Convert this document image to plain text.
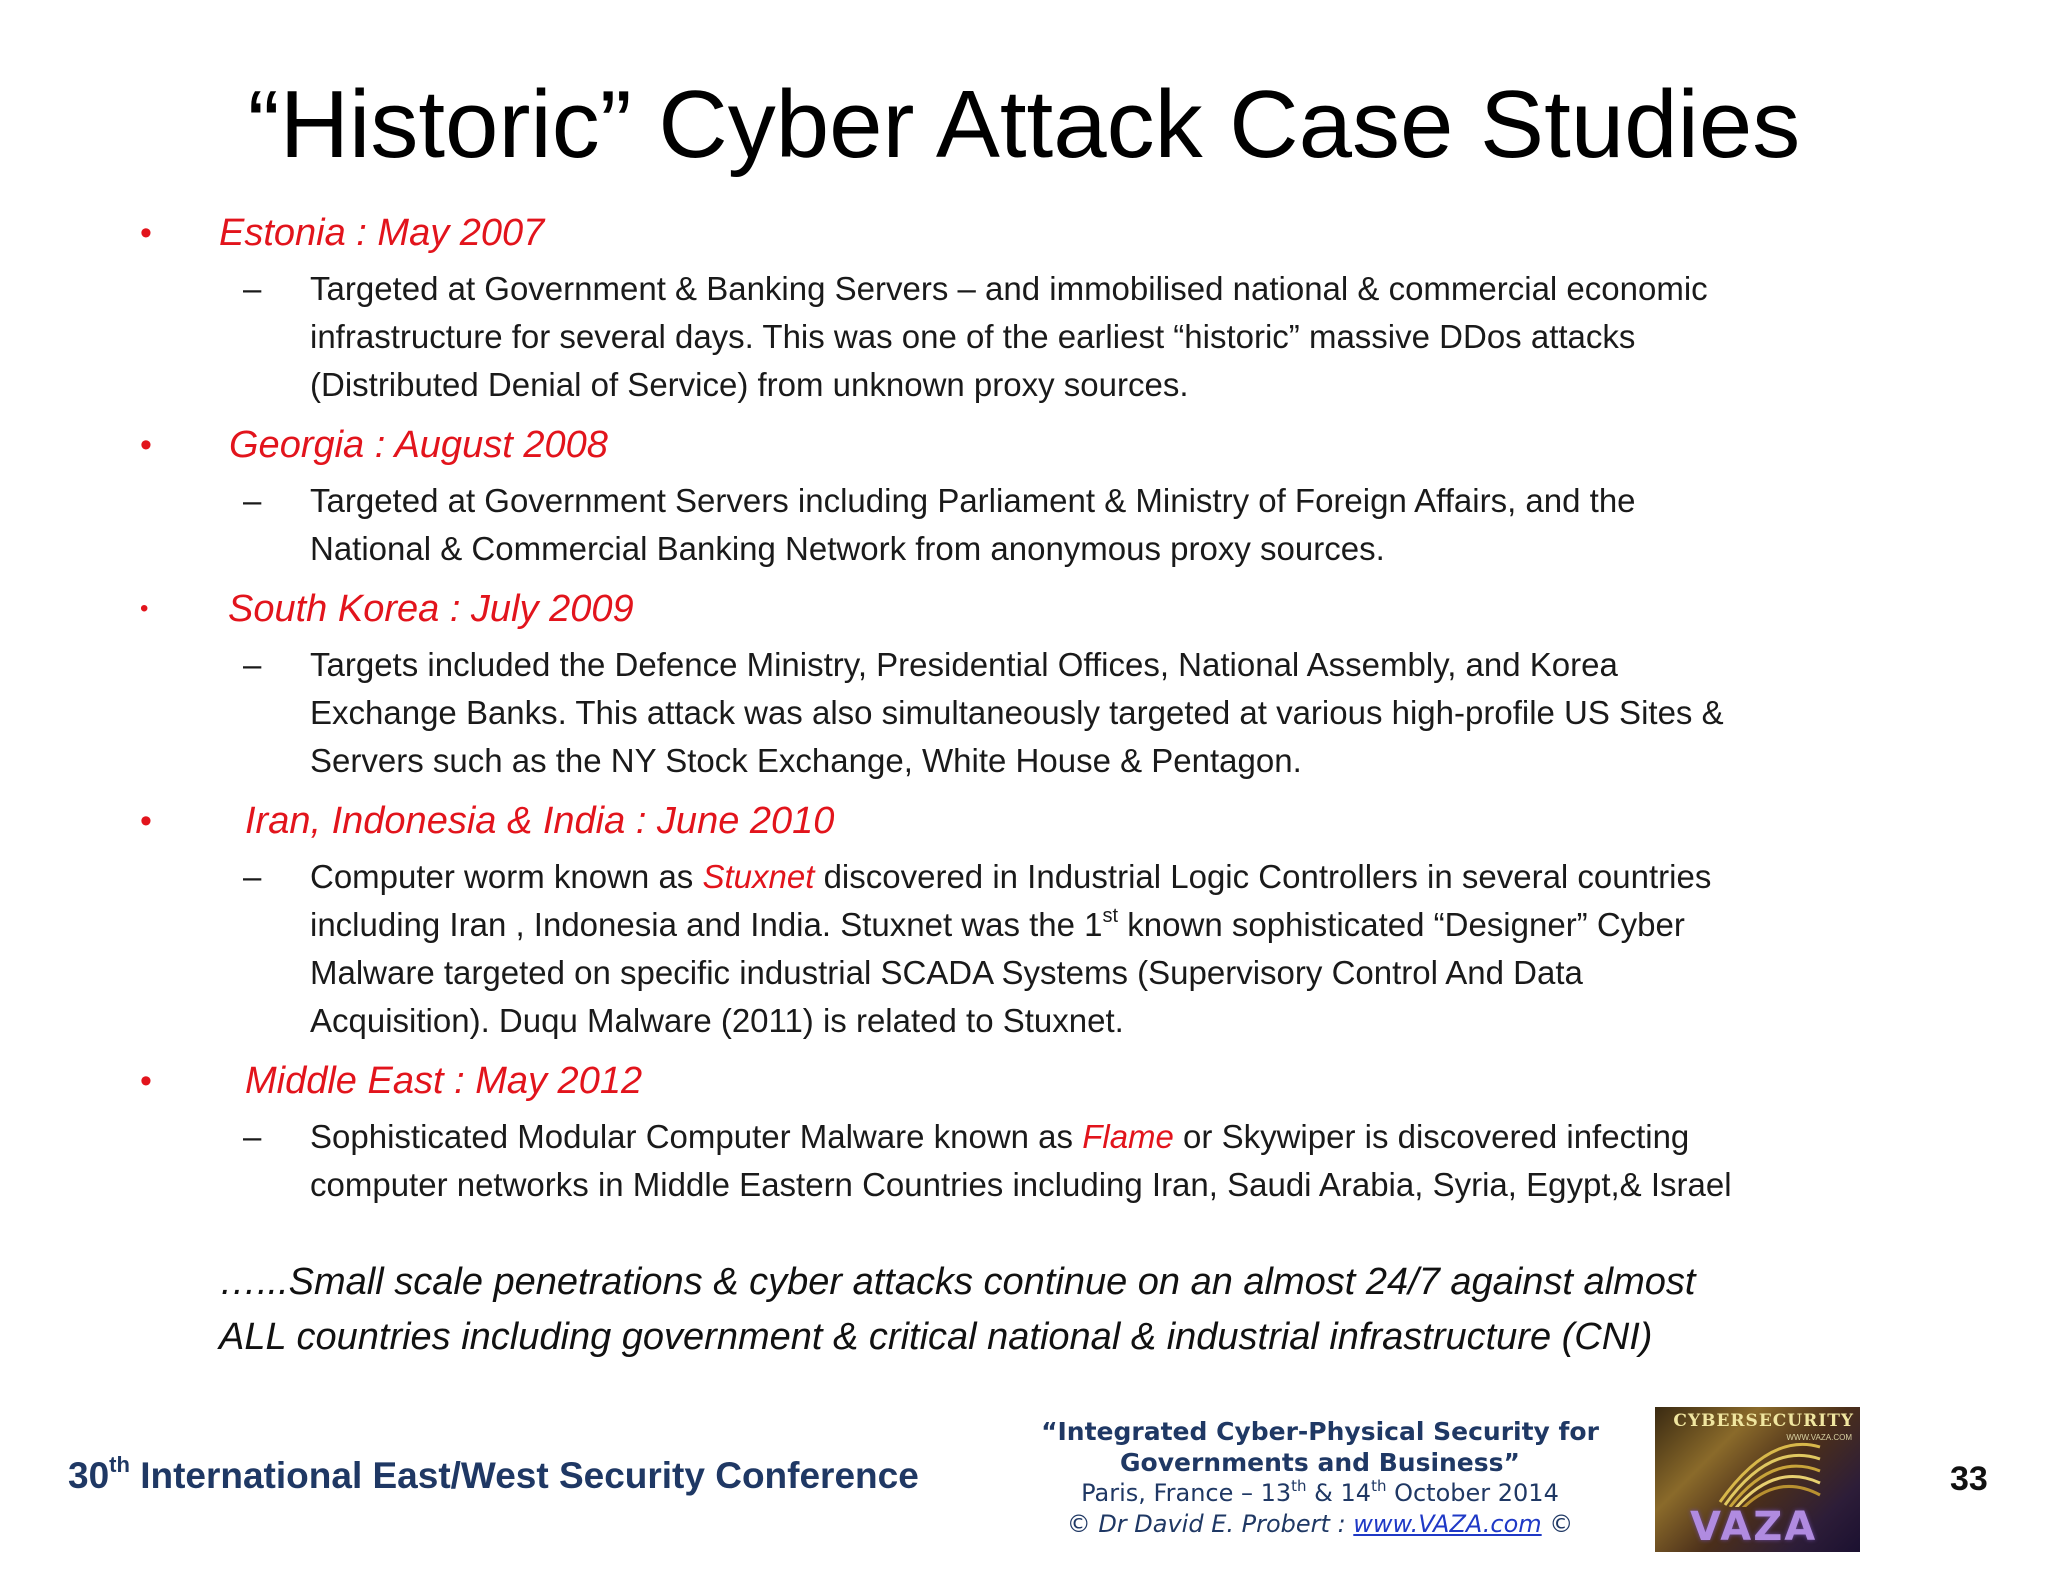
“Historic” Cyber Attack Case Studies
• Estonia : May 2007
– Targeted at Government & Banking Servers – and immobilised national & commercial economic
infrastructure for several days. This was one of the earliest “historic” massive DDos attacks
(Distributed Denial of Service) from unknown proxy sources.
• Georgia : August 2008
– Targeted at Government Servers including Parliament & Ministry of Foreign Affairs, and the
National & Commercial Banking Network from anonymous proxy sources.
•	South Korea : July 2009
– Targets included the Defence Ministry, Presidential Offices, National Assembly, and Korea
Exchange Banks. This attack was also simultaneously targeted at various high-profile US Sites &
Servers such as the NY Stock Exchange, White House & Pentagon.
• Iran, Indonesia & India : June 2010
– Computer worm known as Stuxnet discovered in Industrial Logic Controllers in several countries
including Iran , Indonesia and India. Stuxnet was the 1st known sophisticated “Designer” Cyber
Malware targeted on specific industrial SCADA Systems (Supervisory Control And Data
Acquisition). Duqu Malware (2011) is related to Stuxnet.
• Middle East : May 2012
– Sophisticated Modular Computer Malware known as Flame or Skywiper is discovered infecting
computer networks in Middle Eastern Countries including Iran, Saudi Arabia, Syria, Egypt,& Israel
…...Small scale penetrations & cyber attacks continue on an almost 24/7 against almost
ALL countries including government & critical national & industrial infrastructure (CNI)
30th International East/West Security Conference
“Integrated Cyber-Physical Security for
Governments and Business”
Paris, France – 13th & 14th October 2014
© Dr David E. Probert : www.VAZA.com ©
CYBERSECURITY
WWW.VAZA.COM
VAZA
33
